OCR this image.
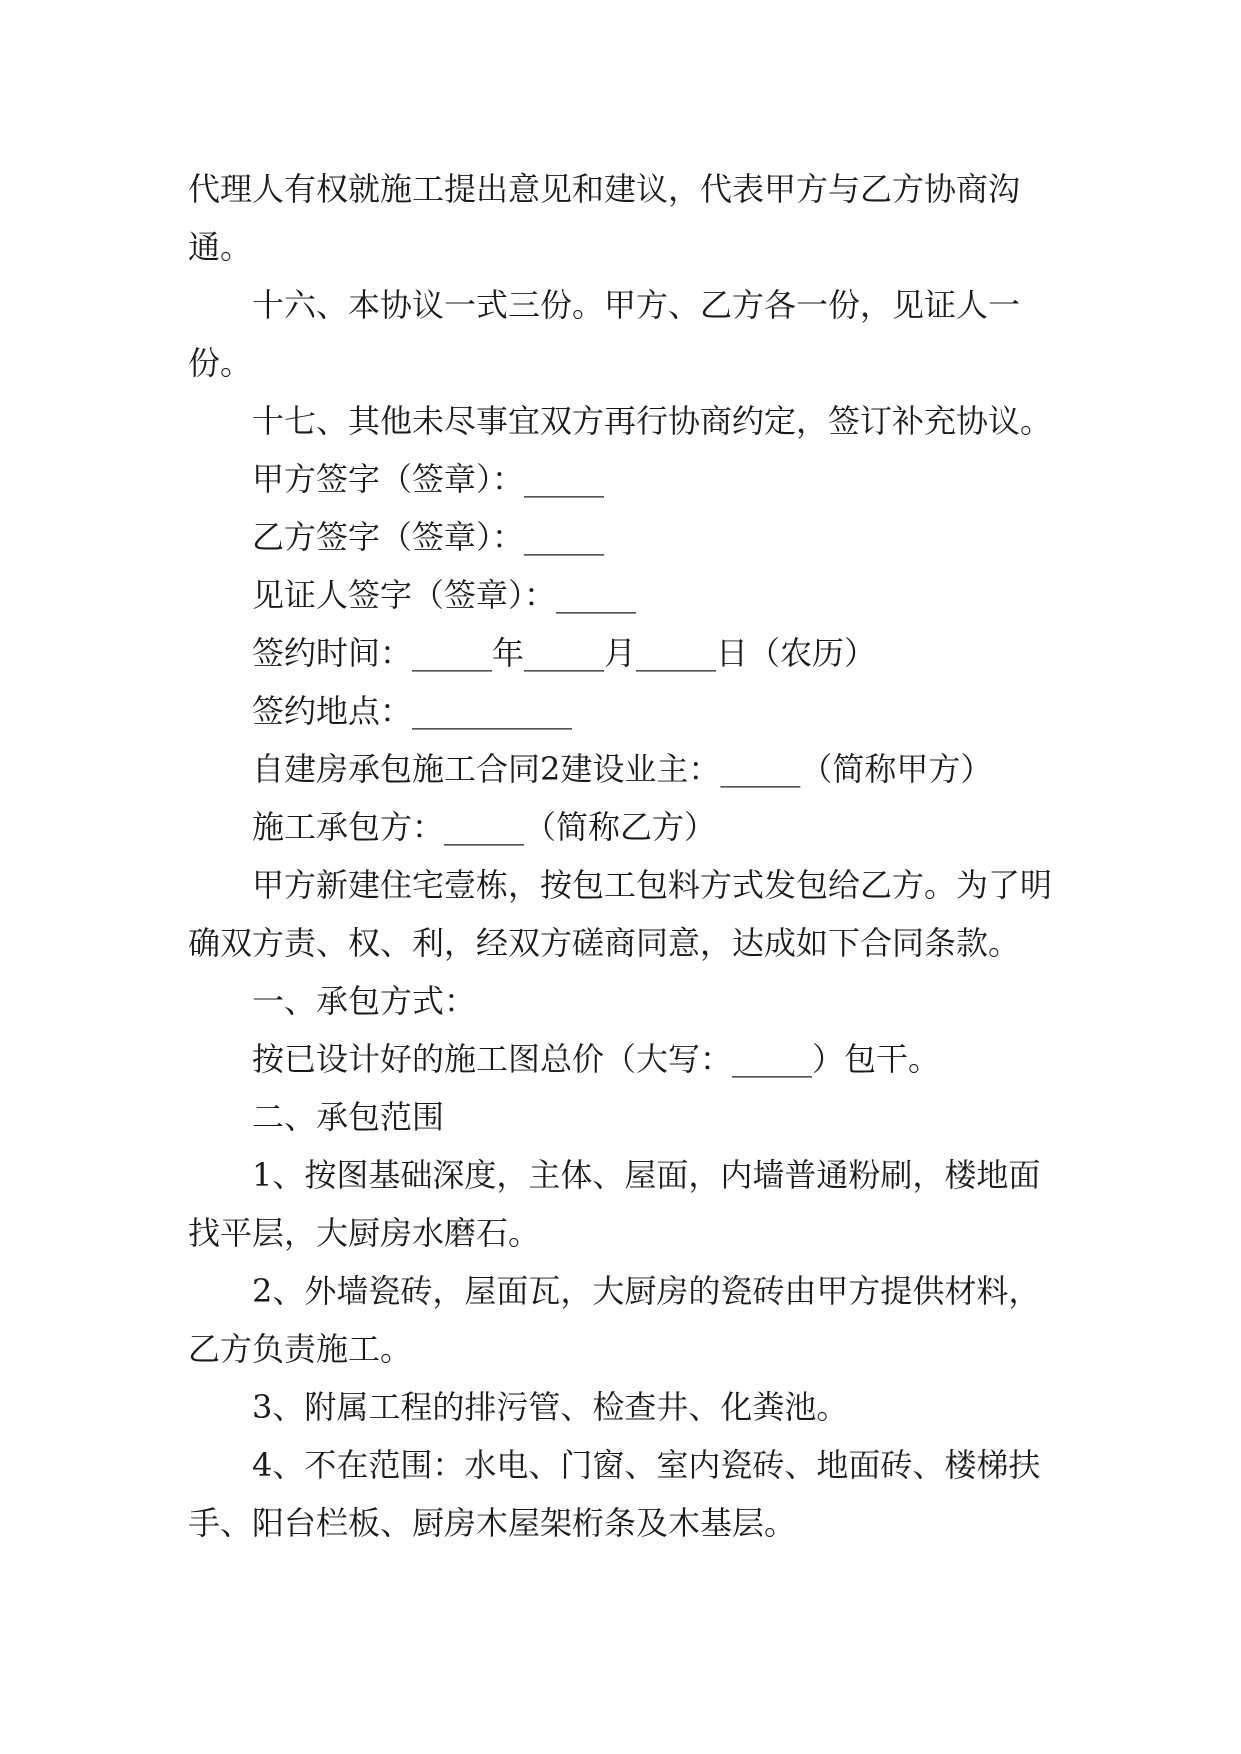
代理人有权就施工提出意见和建议，代表甲方与乙方协商沟通。

十六、本协议一式三份。甲方、乙方各一份，见证人一份。

十七、其他未尽事宜双方再行协商约定，签订补充协议。

甲方签字（签章）：_____

乙方签字（签章）：_____

见证人签字（签章）：_____

签约时间：_____年_____月_____日（农历）

签约地点：__________

自建房承包施工合同2建设业主：_____（简称甲方）

施工承包方：_____（简称乙方）

甲方新建住宅壹栋，按包工包料方式发包给乙方。为了明确双方责、权、利，经双方磋商同意，达成如下合同条款。

一、承包方式：

按已设计好的施工图总价（大写：_____）包干。

二、承包范围

1、按图基础深度，主体、屋面，内墙普通粉刷，楼地面找平层，大厨房水磨石。

2、外墙瓷砖，屋面瓦，大厨房的瓷砖由甲方提供材料，乙方负责施工。

3、附属工程的排污管、检查井、化粪池。

4、不在范围：水电、门窗、室内瓷砖、地面砖、楼梯扶手、阳台栏板、厨房木屋架桁条及木基层。
